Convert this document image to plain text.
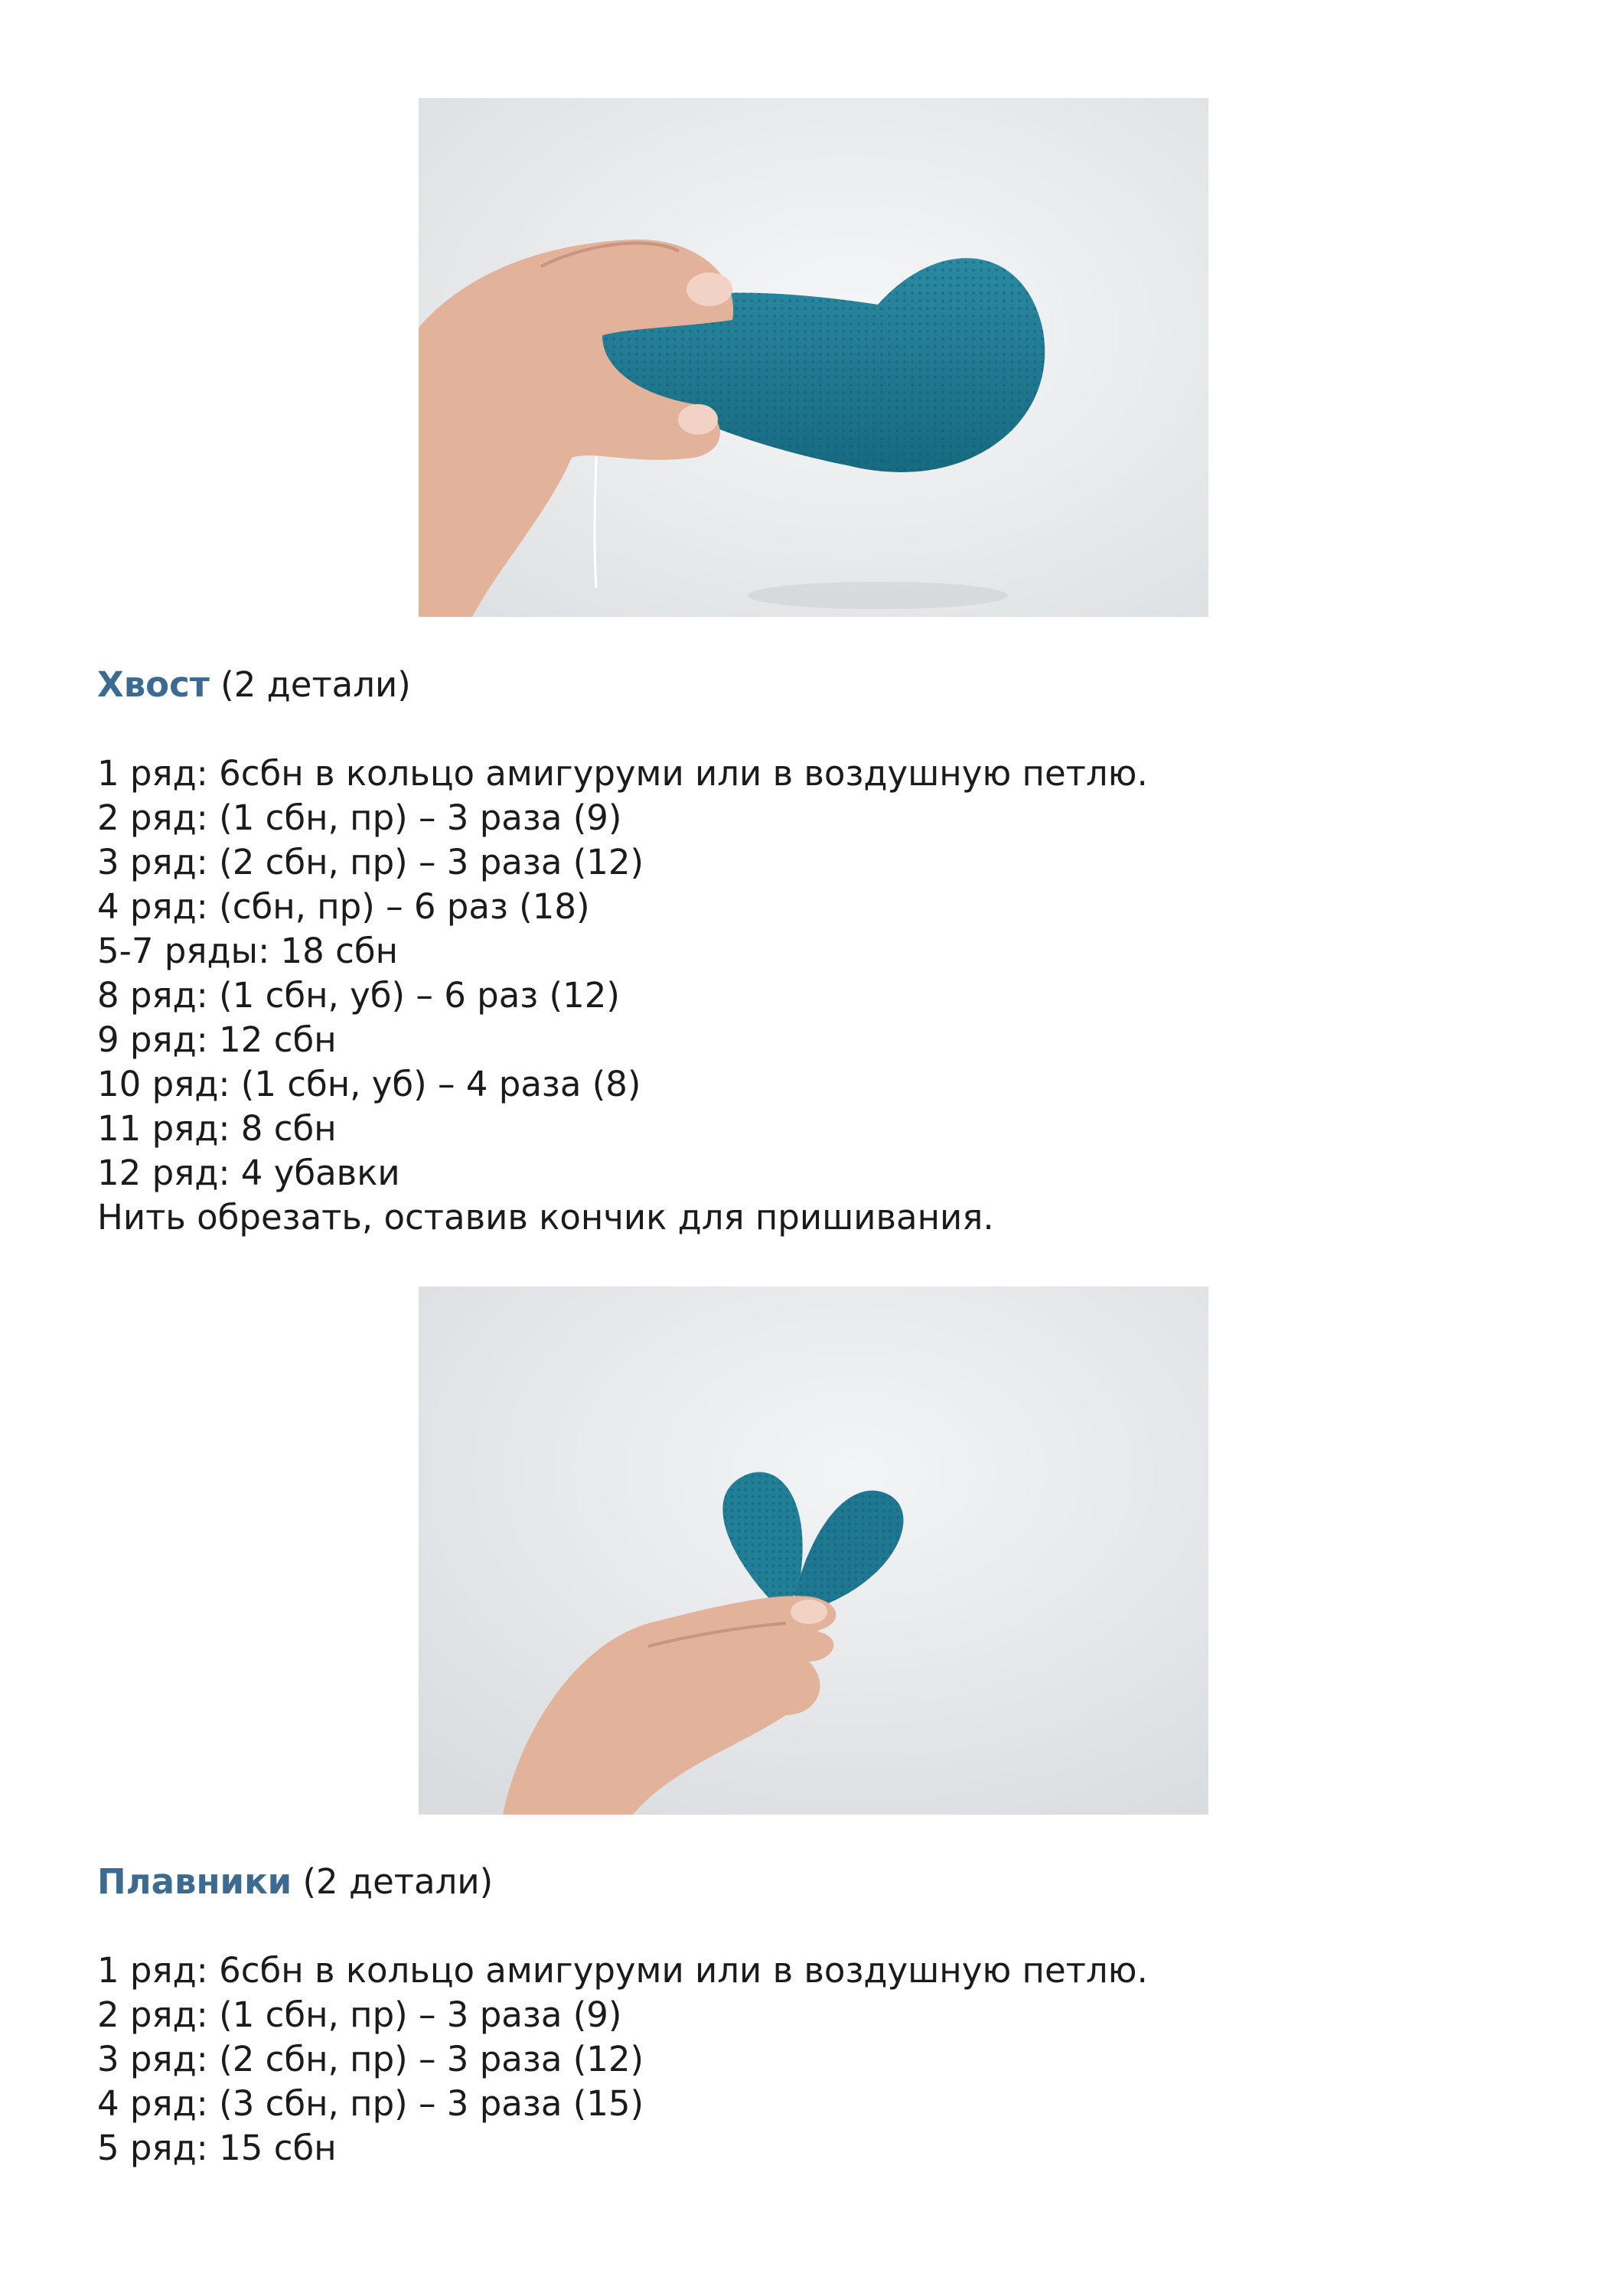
Хвост (2 детали)
1 ряд: 6сбн в кольцо амигуруми или в воздушную петлю.
2 ряд: (1 сбн, пр) – 3 раза (9)
3 ряд: (2 сбн, пр) – 3 раза (12)
4 ряд: (сбн, пр) – 6 раз (18)
5-7 ряды: 18 сбн
8 ряд: (1 сбн, уб) – 6 раз (12)
9 ряд: 12 сбн
10 ряд: (1 сбн, уб) – 4 раза (8)
11 ряд: 8 сбн
12 ряд: 4 убавки
Нить обрезать, оставив кончик для пришивания.
Плавники (2 детали)
1 ряд: 6сбн в кольцо амигуруми или в воздушную петлю.
2 ряд: (1 сбн, пр) – 3 раза (9)
3 ряд: (2 сбн, пр) – 3 раза (12)
4 ряд: (3 сбн, пр) – 3 раза (15)
5 ряд: 15 сбн
